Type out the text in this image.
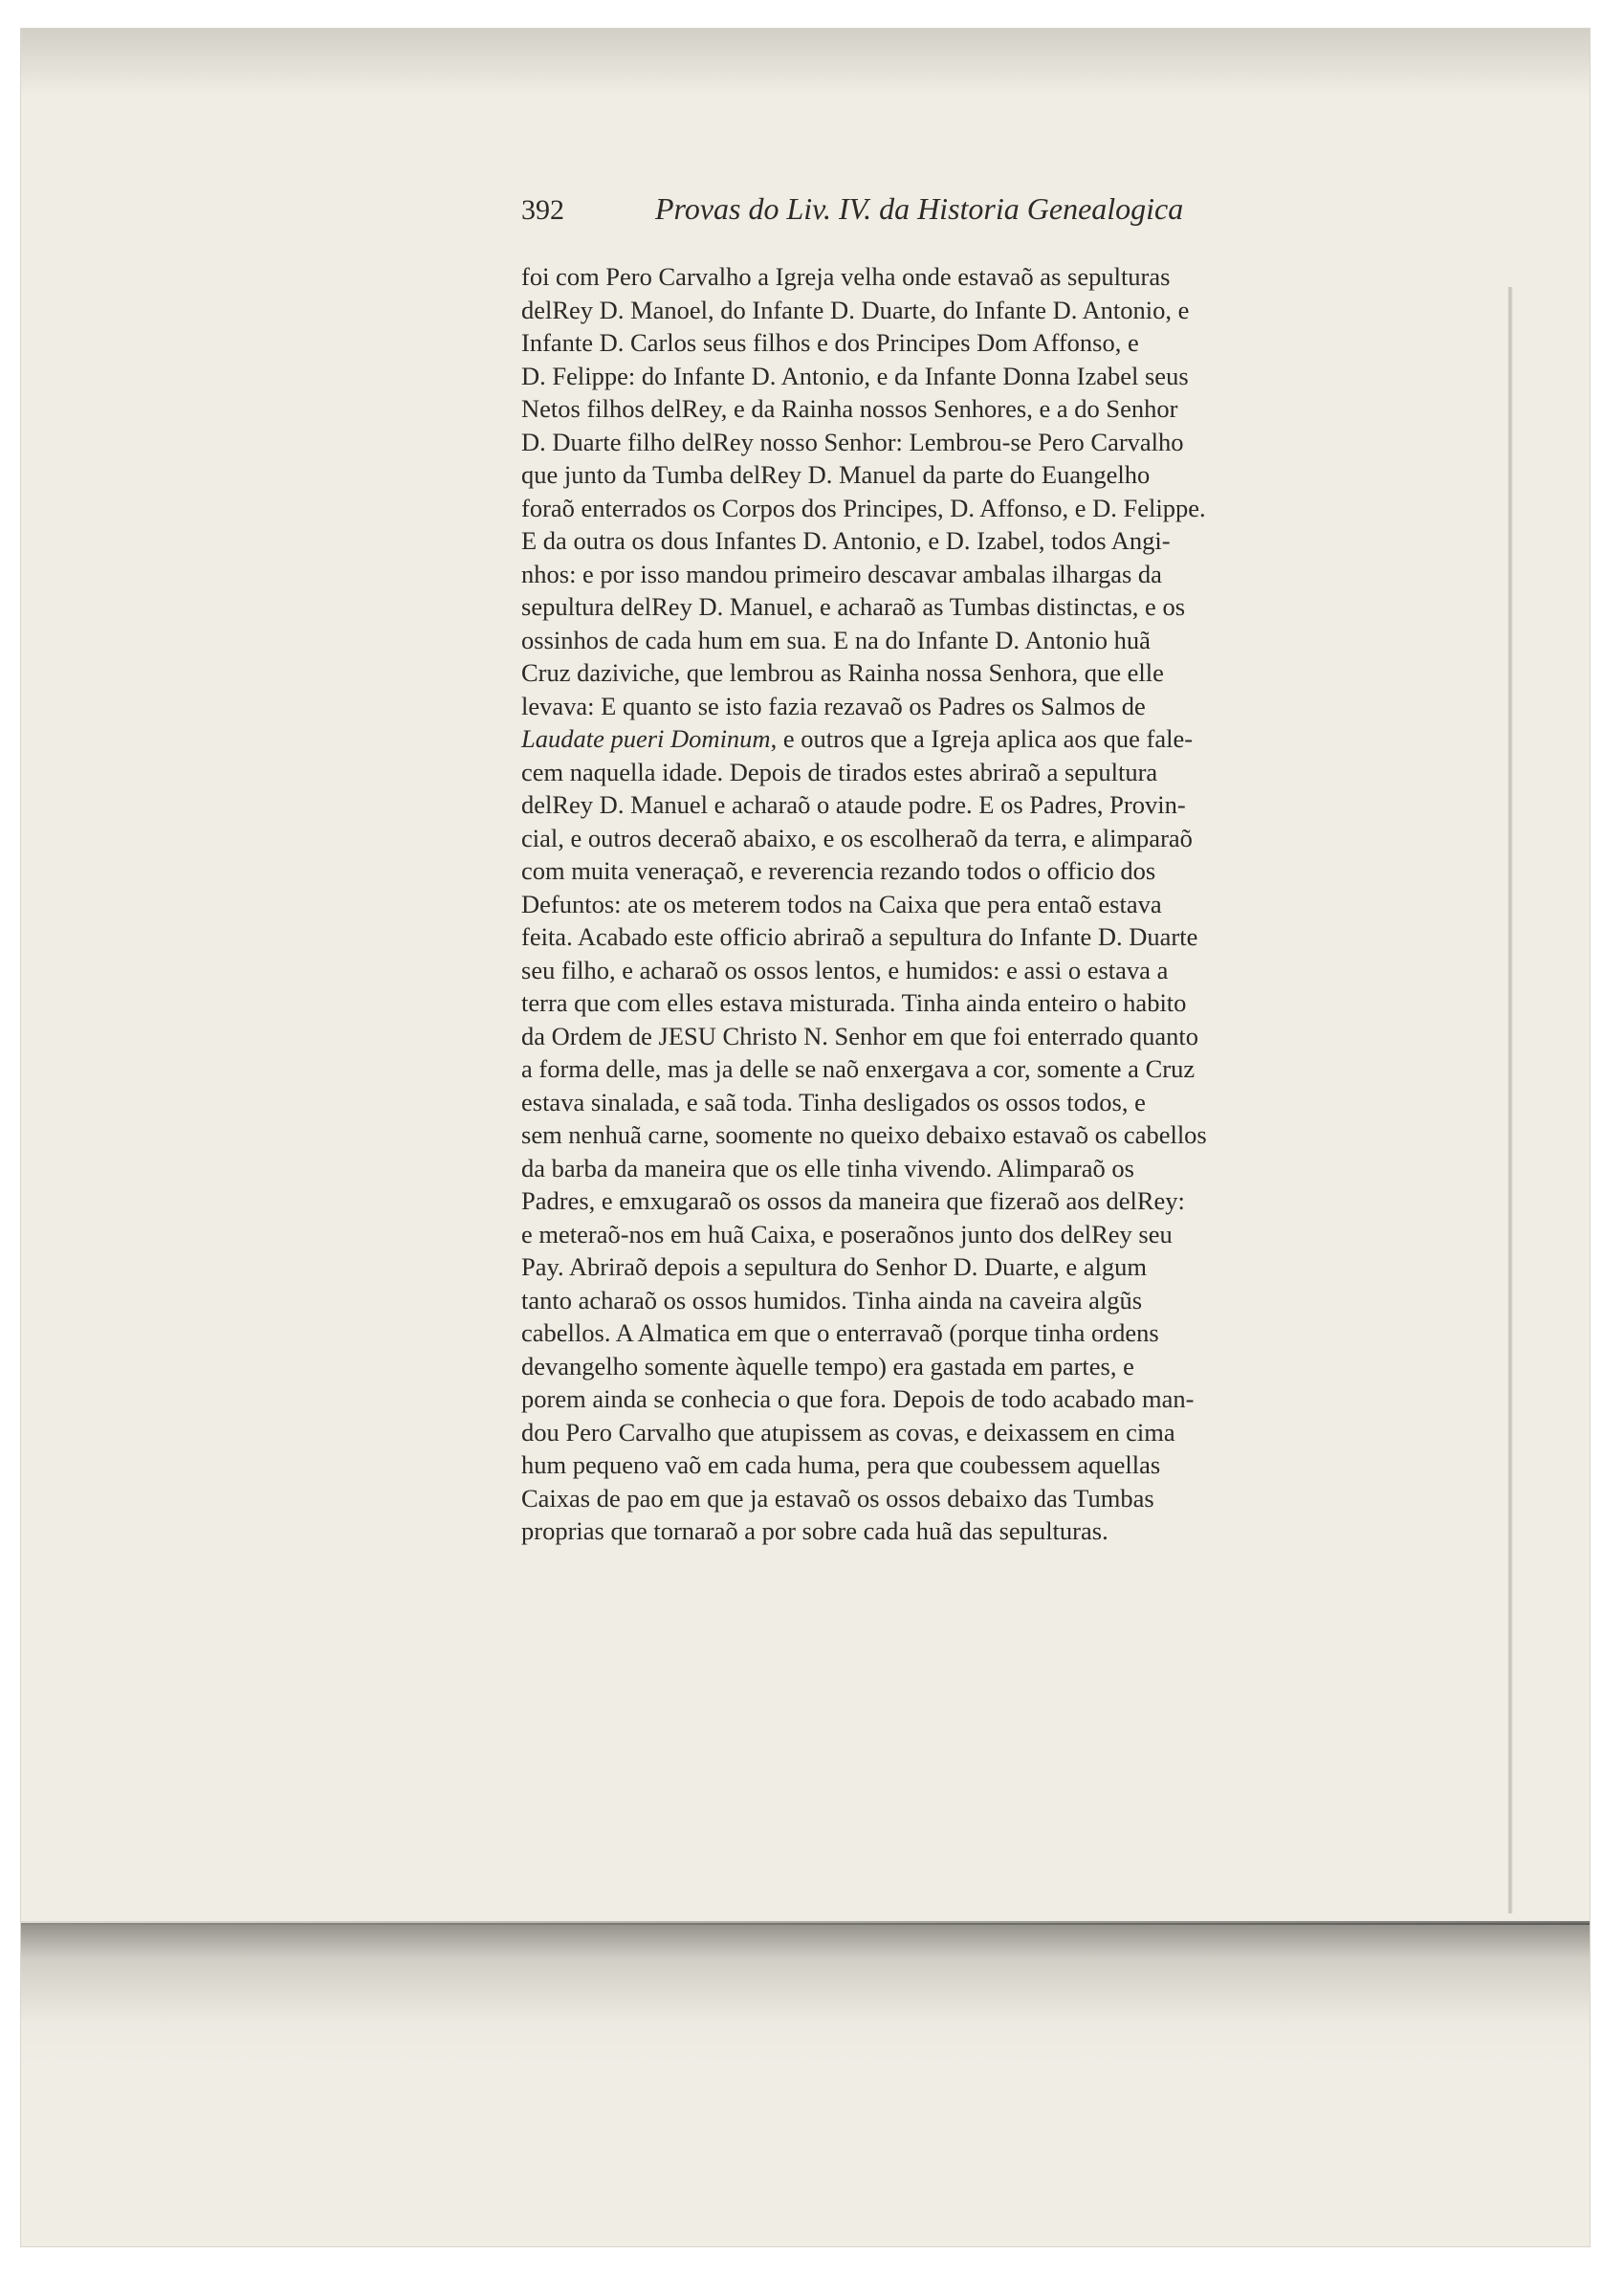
392	Provas do Liv. IV. da Historia Genealogica

foi com Pero Carvalho a Igreja velha onde estavaõ as sepulturas
delRey D. Manoel, do Infante D. Duarte, do Infante D. Antonio, e
Infante D. Carlos seus filhos e dos Principes Dom Affonso, e
D. Felippe: do Infante D. Antonio, e da Infante Donna Izabel seus
Netos filhos delRey, e da Rainha nossos Senhores, e a do Senhor
D. Duarte filho delRey nosso Senhor: Lembrou-se Pero Carvalho
que junto da Tumba delRey D. Manuel da parte do Euangelho
foraõ enterrados os Corpos dos Principes, D. Affonso, e D. Felippe.
E da outra os dous Infantes D. Antonio, e D. Izabel, todos Angi-
nhos: e por isso mandou primeiro descavar ambalas ilhargas da
sepultura delRey D. Manuel, e acharaõ as Tumbas distinctas, e os
ossinhos de cada hum em sua. E na do Infante D. Antonio huã
Cruz daziviche, que lembrou as Rainha nossa Senhora, que elle
levava: E quanto se isto fazia rezavaõ os Padres os Salmos de
Laudate pueri Dominum, e outros que a Igreja aplica aos que fale-
cem naquella idade. Depois de tirados estes abriraõ a sepultura
delRey D. Manuel e acharaõ o ataude podre. E os Padres, Provin-
cial, e outros deceraõ abaixo, e os escolheraõ da terra, e alimparaõ
com muita veneraçaõ, e reverencia rezando todos o officio dos
Defuntos: ate os meterem todos na Caixa que pera entaõ estava
feita. Acabado este officio abriraõ a sepultura do Infante D. Duarte
seu filho, e acharaõ os ossos lentos, e humidos: e assi o estava a
terra que com elles estava misturada. Tinha ainda enteiro o habito
da Ordem de JESU Christo N. Senhor em que foi enterrado quanto
a forma delle, mas ja delle se naõ enxergava a cor, somente a Cruz
estava sinalada, e saã toda. Tinha desligados os ossos todos, e
sem nenhuã carne, soomente no queixo debaixo estavaõ os cabellos
da barba da maneira que os elle tinha vivendo. Alimparaõ os
Padres, e emxugaraõ os ossos da maneira que fizeraõ aos delRey:
e meteraõ-nos em huã Caixa, e poseraõnos junto dos delRey seu
Pay. Abriraõ depois a sepultura do Senhor D. Duarte, e algum
tanto acharaõ os ossos humidos. Tinha ainda na caveira algũs
cabellos. A Almatica em que o enterravaõ (porque tinha ordens
devangelho somente àquelle tempo) era gastada em partes, e
porem ainda se conhecia o que fora. Depois de todo acabado man-
dou Pero Carvalho que atupissem as covas, e deixassem en cima
hum pequeno vaõ em cada huma, pera que coubessem aquellas
Caixas de pao em que ja estavaõ os ossos debaixo das Tumbas
proprias que tornaraõ a por sobre cada huã das sepulturas.
